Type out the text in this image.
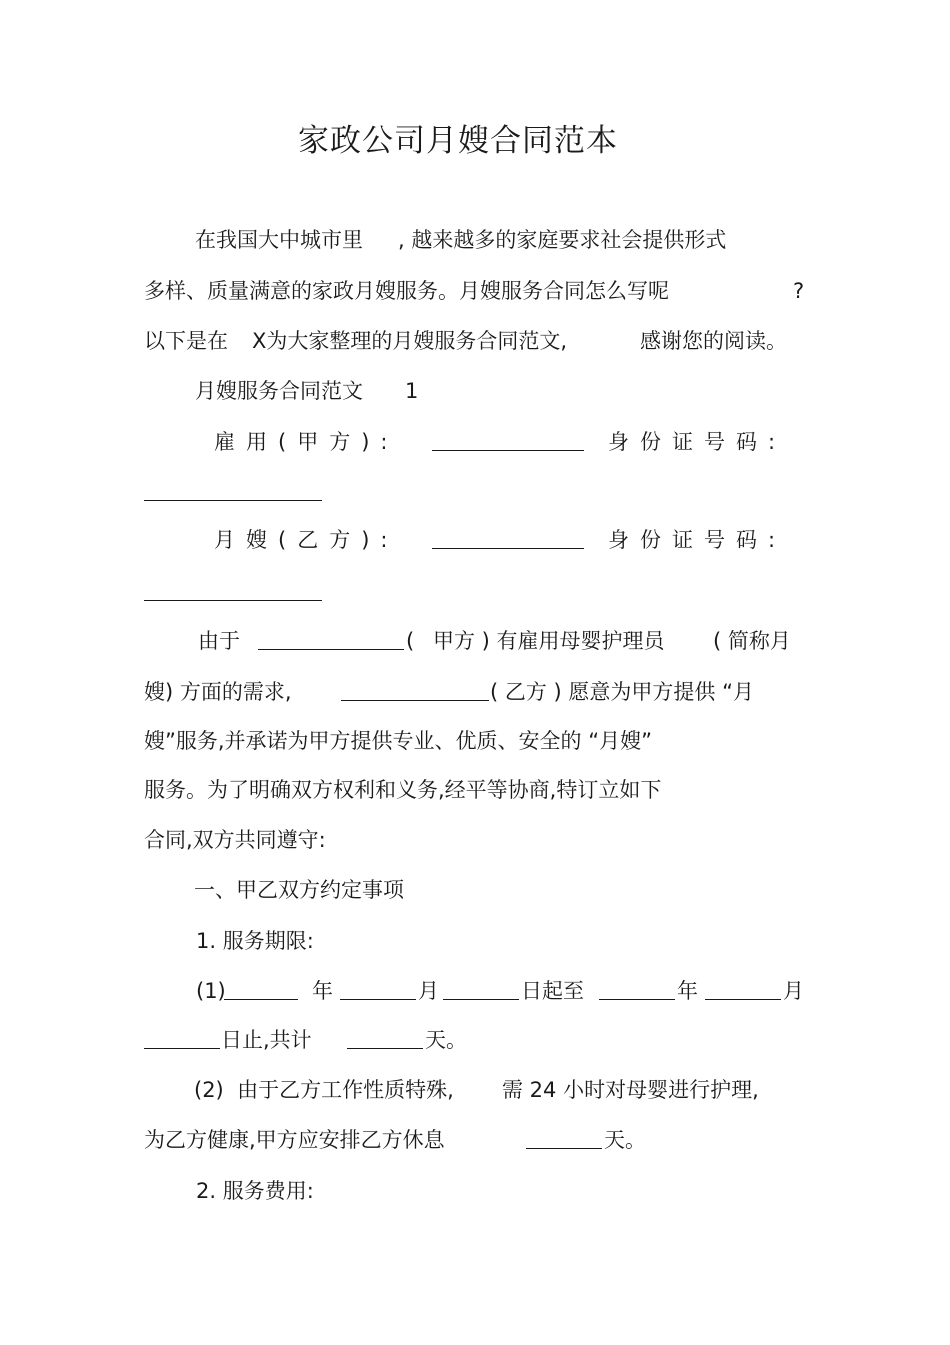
家政公司月嫂合同范本
在我国大中城市里 , 越来越多的家庭要求社会提供形式
多样、质量满意的家政月嫂服务。月嫂服务合同怎么写呢	?
以下是在 X为大家整理的月嫂服务合同范文,	感谢您的阅读。
月嫂服务合同范文 1
雇用(甲方):	身份证号码:
月嫂(乙方):	身份证号码:
由于	( 甲方 ) 有雇用母婴护理员 ( 简称月
嫂) 方面的需求,	( 乙方 ) 愿意为甲方提供 “月
嫂”服务,并承诺为甲方提供专业、优质、安全的 “月嫂”
服务。为了明确双方权利和义务,经平等协商,特订立如下
合同,双方共同遵守:
一、甲乙双方约定事项
1. 服务期限:
(1)	年	月	日起至	年	月
日止,共计	天。
(2)  由于乙方工作性质特殊, 需 24 小时对母婴进行护理,
为乙方健康,甲方应安排乙方休息	天。
2. 服务费用:
